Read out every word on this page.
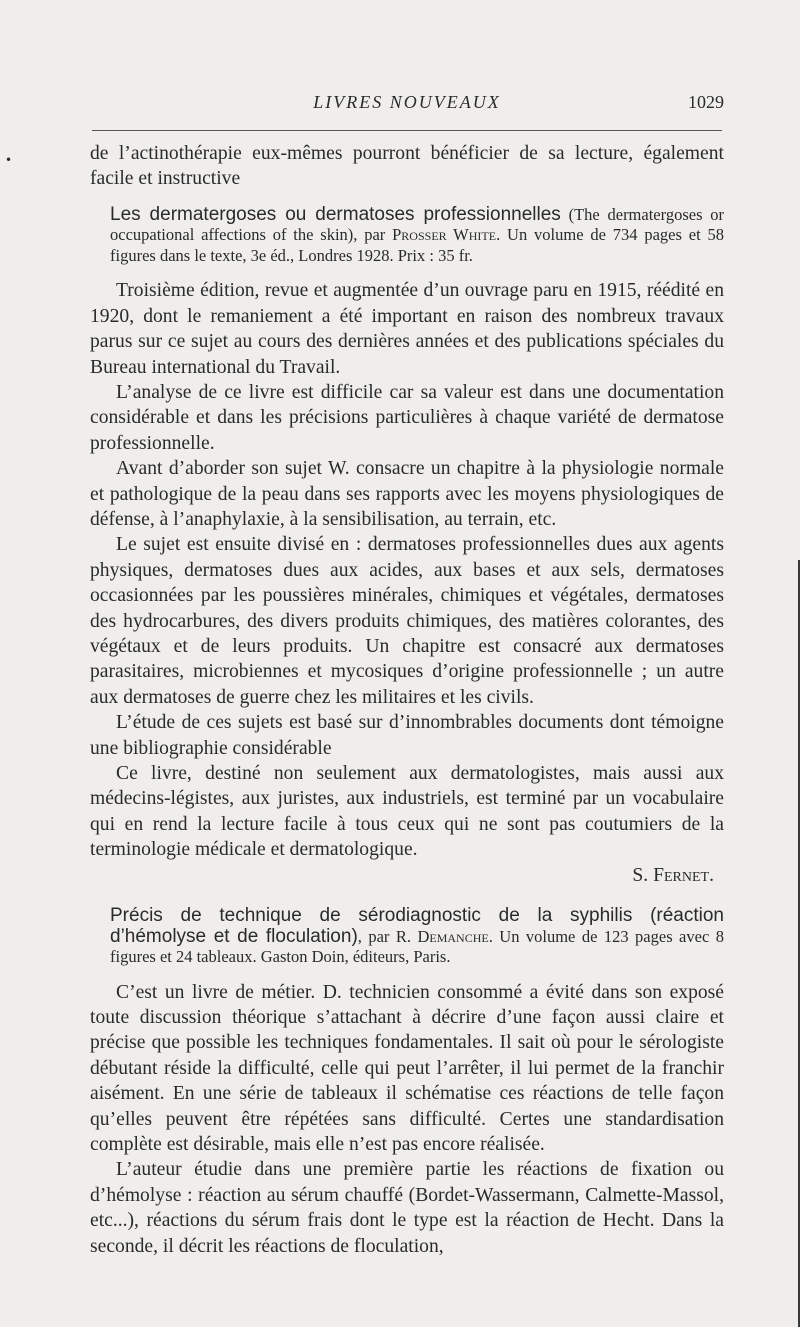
•
LIVRES NOUVEAUX	1029

de l’actinothérapie eux-mêmes pourront bénéficier de sa lecture, également facile et instructive

Les dermatergoses ou dermatoses professionnelles (The dermatergoses or occupational affections of the skin), par Prosser White. Un volume de 734 pages et 58 figures dans le texte, 3e éd., Londres 1928. Prix : 35 fr.

Troisième édition, revue et augmentée d’un ouvrage paru en 1915, réédité en 1920, dont le remaniement a été important en raison des nombreux travaux parus sur ce sujet au cours des dernières années et des publications spéciales du Bureau international du Travail.

L’analyse de ce livre est difficile car sa valeur est dans une documentation considérable et dans les précisions particulières à chaque variété de dermatose professionnelle.

Avant d’aborder son sujet W. consacre un chapitre à la physiologie normale et pathologique de la peau dans ses rapports avec les moyens physiologiques de défense, à l’anaphylaxie, à la sensibilisation, au terrain, etc.

Le sujet est ensuite divisé en : dermatoses professionnelles dues aux agents physiques, dermatoses dues aux acides, aux bases et aux sels, dermatoses occasionnées par les poussières minérales, chimiques et végétales, dermatoses des hydrocarbures, des divers produits chimiques, des matières colorantes, des végétaux et de leurs produits. Un chapitre est consacré aux dermatoses parasitaires, microbiennes et mycosiques d’origine professionnelle ; un autre aux dermatoses de guerre chez les militaires et les civils.

L’étude de ces sujets est basé sur d’innombrables documents dont témoigne une bibliographie considérable

Ce livre, destiné non seulement aux dermatologistes, mais aussi aux médecins-légistes, aux juristes, aux industriels, est terminé par un vocabulaire qui en rend la lecture facile à tous ceux qui ne sont pas coutumiers de la terminologie médicale et dermatologique.

S. Fernet.

Précis de technique de sérodiagnostic de la syphilis (réaction d’hémolyse et de floculation), par R. Demanche. Un volume de 123 pages avec 8 figures et 24 tableaux. Gaston Doin, éditeurs, Paris.

C’est un livre de métier. D. technicien consommé a évité dans son exposé toute discussion théorique s’attachant à décrire d’une façon aussi claire et précise que possible les techniques fondamentales. Il sait où pour le sérologiste débutant réside la difficulté, celle qui peut l’arrêter, il lui permet de la franchir aisément. En une série de tableaux il schématise ces réactions de telle façon qu’elles peuvent être répétées sans difficulté. Certes une standardisation complète est désirable, mais elle n’est pas encore réalisée.

L’auteur étudie dans une première partie les réactions de fixation ou d’hémolyse : réaction au sérum chauffé (Bordet-Wassermann, Calmette-Massol, etc...), réactions du sérum frais dont le type est la réaction de Hecht. Dans la seconde, il décrit les réactions de floculation,
